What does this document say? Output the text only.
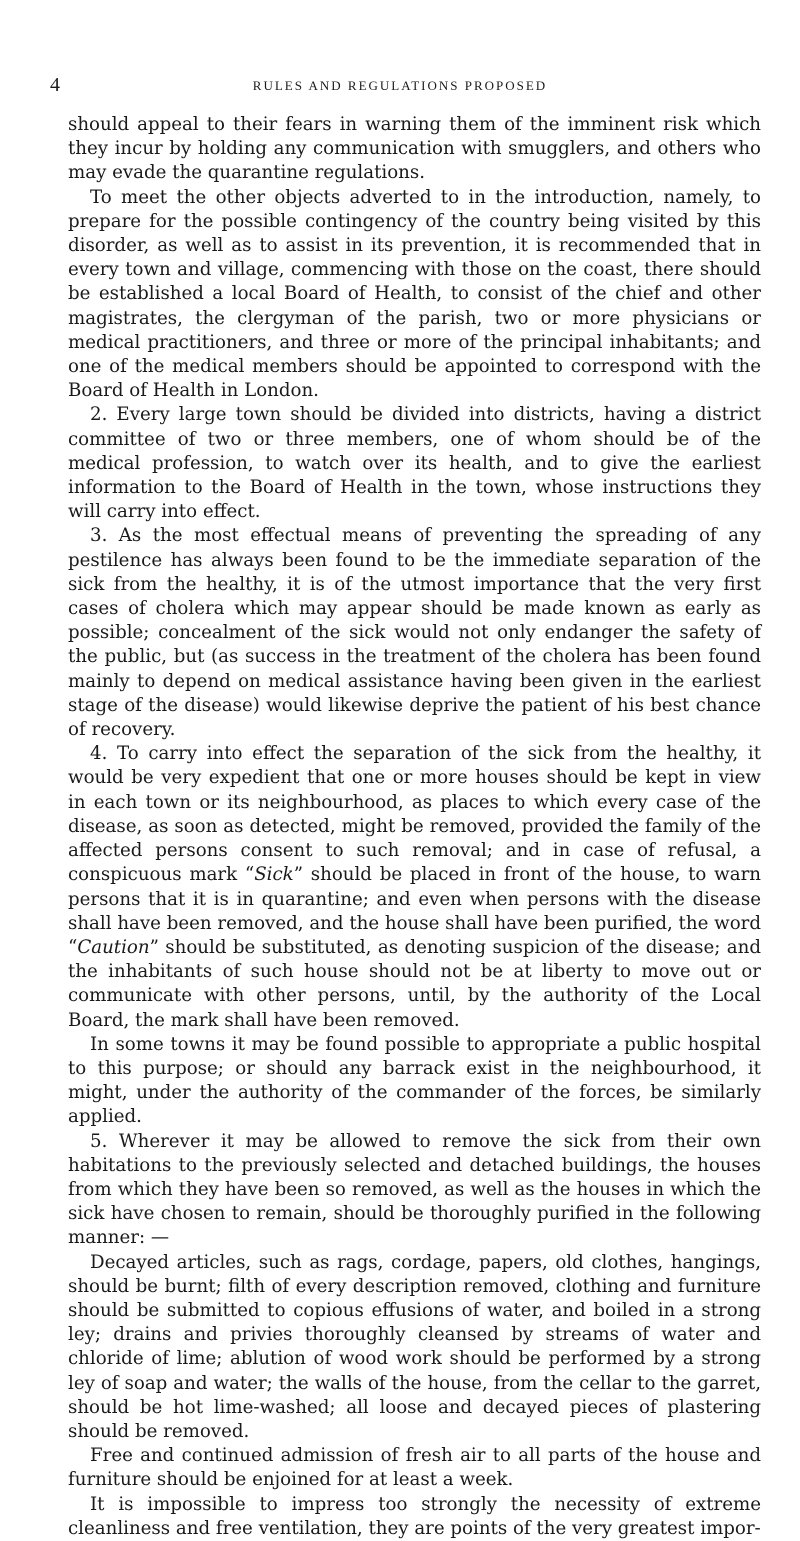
4	RULES AND REGULATIONS PROPOSED

should appeal to their fears in warning them of the imminent risk which they incur by holding any communication with smugglers, and others who may evade the quarantine regulations.

To meet the other objects adverted to in the introduction, namely, to prepare for the possible contingency of the country being visited by this disorder, as well as to assist in its prevention, it is recommended that in every town and village, commencing with those on the coast, there should be established a local Board of Health, to consist of the chief and other magistrates, the clergyman of the parish, two or more physicians or medical practitioners, and three or more of the principal inhabitants; and one of the medical members should be appointed to correspond with the Board of Health in London.

2. Every large town should be divided into districts, having a district committee of two or three members, one of whom should be of the medical profession, to watch over its health, and to give the earliest information to the Board of Health in the town, whose instructions they will carry into effect.

3. As the most effectual means of preventing the spreading of any pestilence has always been found to be the immediate separation of the sick from the healthy, it is of the utmost importance that the very first cases of cholera which may appear should be made known as early as possible; concealment of the sick would not only endanger the safety of the public, but (as success in the treatment of the cholera has been found mainly to depend on medical assistance having been given in the earliest stage of the disease) would likewise deprive the patient of his best chance of recovery.

4. To carry into effect the separation of the sick from the healthy, it would be very expedient that one or more houses should be kept in view in each town or its neighbourhood, as places to which every case of the disease, as soon as detected, might be removed, provided the family of the affected persons consent to such removal; and in case of refusal, a conspicuous mark “Sick” should be placed in front of the house, to warn persons that it is in quarantine; and even when persons with the disease shall have been removed, and the house shall have been purified, the word “Caution” should be substituted, as denoting suspicion of the disease; and the inhabitants of such house should not be at liberty to move out or communicate with other persons, until, by the authority of the Local Board, the mark shall have been removed.

In some towns it may be found possible to appropriate a public hospital to this purpose; or should any barrack exist in the neighbourhood, it might, under the authority of the commander of the forces, be similarly applied.

5. Wherever it may be allowed to remove the sick from their own habitations to the previously selected and detached buildings, the houses from which they have been so removed, as well as the houses in which the sick have chosen to remain, should be thoroughly purified in the following manner: —

Decayed articles, such as rags, cordage, papers, old clothes, hangings, should be burnt; filth of every description removed, clothing and furniture should be submitted to copious effusions of water, and boiled in a strong ley; drains and privies thoroughly cleansed by streams of water and chloride of lime; ablution of wood work should be performed by a strong ley of soap and water; the walls of the house, from the cellar to the garret, should be hot lime-washed; all loose and decayed pieces of plastering should be removed.

Free and continued admission of fresh air to all parts of the house and furniture should be enjoined for at least a week.

It is impossible to impress too strongly the necessity of extreme cleanliness and free ventilation, they are points of the very greatest impor-
